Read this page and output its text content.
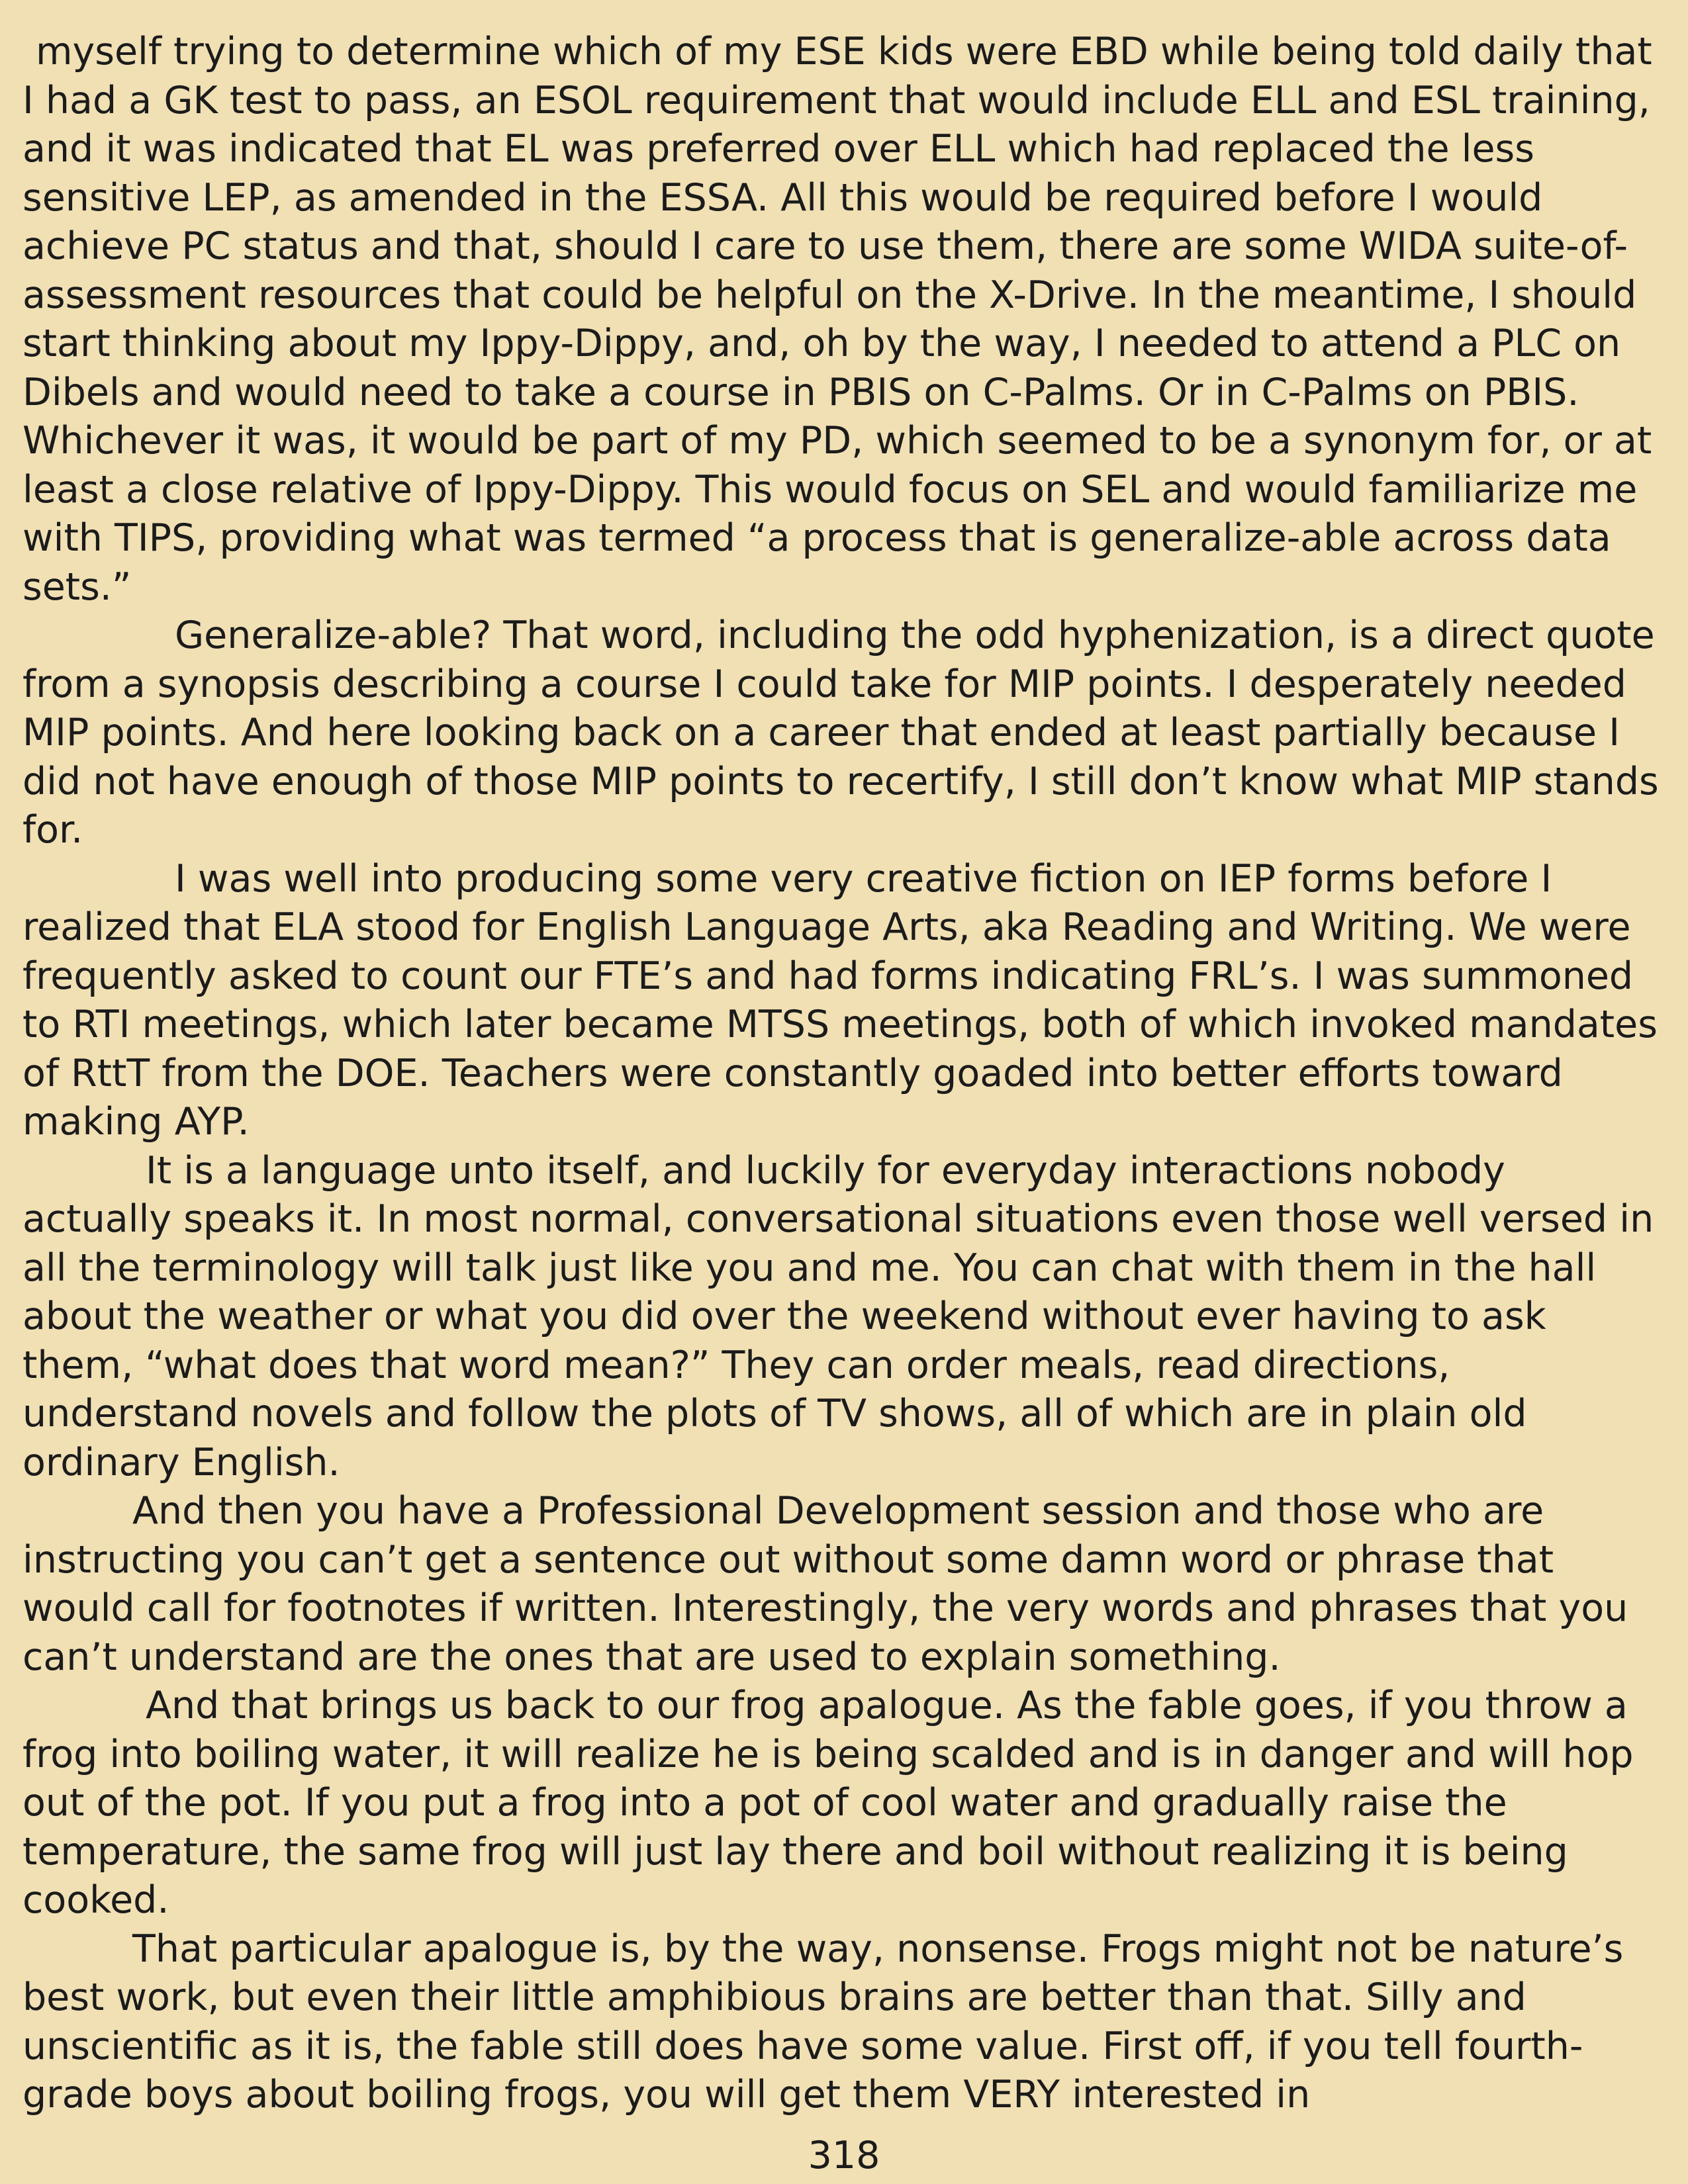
myself trying to determine which of my ESE kids were EBD while being told daily that I had a GK test to pass, an ESOL requirement that would include ELL and ESL training, and it was indicated that EL was preferred over ELL which had replaced the less sensitive LEP, as amended in the ESSA. All this would be required before I would achieve PC status and that, should I care to use them, there are some WIDA suite-of-assessment resources that could be helpful on the X-Drive. In the meantime, I should start thinking about my Ippy-Dippy, and, oh by the way, I needed to attend a PLC on Dibels and would need to take a course in PBIS on C-Palms. Or in C-Palms on PBIS. Whichever it was, it would be part of my PD, which seemed to be a synonym for, or at least a close relative of Ippy-Dippy. This would focus on SEL and would familiarize me with TIPS, providing what was termed “a process that is generalize-able across data sets.”

Generalize-able? That word, including the odd hyphenization, is a direct quote from a synopsis describing a course I could take for MIP points. I desperately needed MIP points. And here looking back on a career that ended at least partially because I did not have enough of those MIP points to recertify, I still don’t know what MIP stands for.

I was well into producing some very creative fiction on IEP forms before I realized that ELA stood for English Language Arts, aka Reading and Writing. We were frequently asked to count our FTE’s and had forms indicating FRL’s. I was summoned to RTI meetings, which later became MTSS meetings, both of which invoked mandates of RttT from the DOE. Teachers were constantly goaded into better efforts toward making AYP.

It is a language unto itself, and luckily for everyday interactions nobody actually speaks it. In most normal, conversational situations even those well versed in all the terminology will talk just like you and me. You can chat with them in the hall about the weather or what you did over the weekend without ever having to ask them, “what does that word mean?” They can order meals, read directions, understand novels and follow the plots of TV shows, all of which are in plain old ordinary English.

And then you have a Professional Development session and those who are instructing you can’t get a sentence out without some damn word or phrase that would call for footnotes if written. Interestingly, the very words and phrases that you can’t understand are the ones that are used to explain something.

And that brings us back to our frog apalogue. As the fable goes, if you throw a frog into boiling water, it will realize he is being scalded and is in danger and will hop out of the pot. If you put a frog into a pot of cool water and gradually raise the temperature, the same frog will just lay there and boil without realizing it is being cooked.

That particular apalogue is, by the way, nonsense. Frogs might not be nature’s best work, but even their little amphibious brains are better than that. Silly and unscientific as it is, the fable still does have some value. First off, if you tell fourth-grade boys about boiling frogs, you will get them VERY interested in

318
